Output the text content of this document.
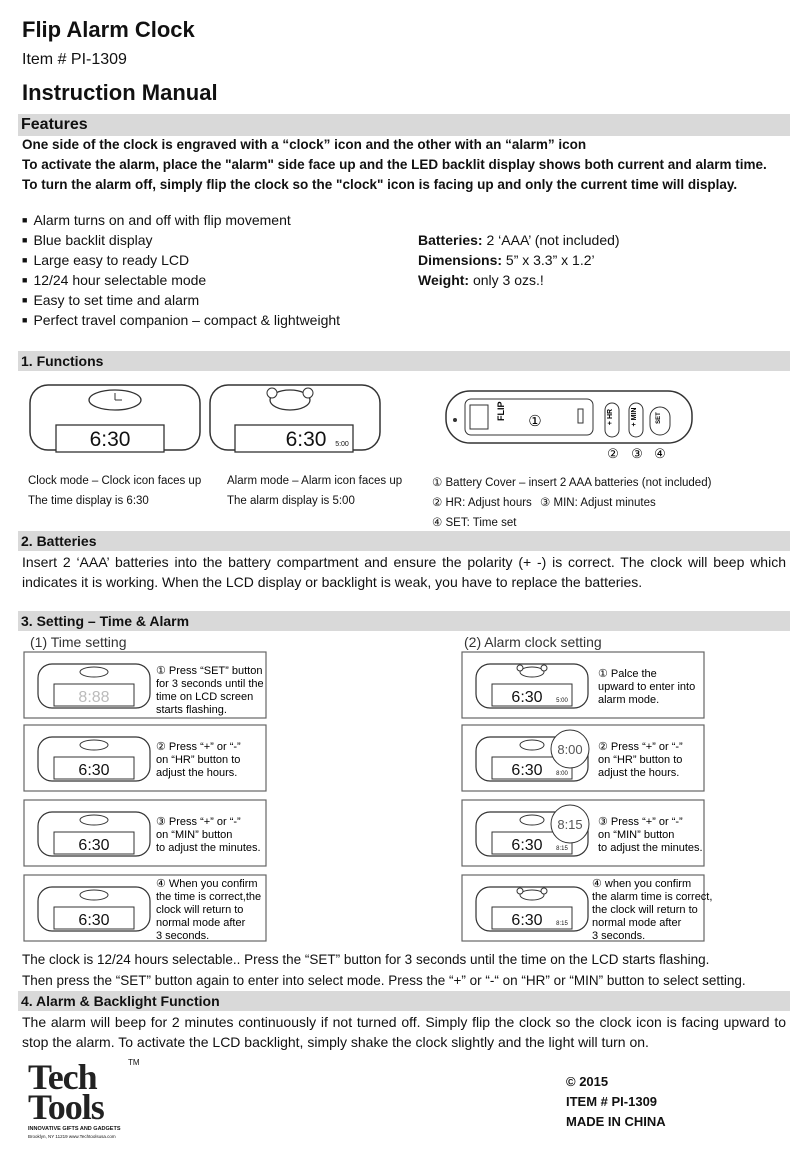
Flip Alarm Clock
Item # PI-1309
Instruction Manual
Features
One side of the clock is engraved with a “clock” icon and the other with an “alarm” icon
To activate the alarm, place the "alarm" side face up and the LED backlit display shows both current and alarm time.
To turn the alarm off, simply flip the clock so the "clock" icon is facing up and only the current time will display.
■ Alarm turns on and off with flip movement
■ Blue backlit display
■ Large easy to ready LCD
■ 12/24 hour selectable mode
■ Easy to set time and alarm
■ Perfect travel companion – compact & lightweight
Batteries: 2 ‘AAA’ (not included)
Dimensions: 5” x 3.3” x 1.2’
Weight: only 3 ozs.!
1. Functions
6:30	6:30 5:00
FLIP
①	+ HR + MIN	SET
② ③ ④
Clock mode – Clock icon faces up
The time display is 6:30
Alarm mode – Alarm icon faces up
The alarm display is 5:00
① Battery Cover – insert 2 AAA batteries (not included)
② HR: Adjust hours ③ MIN: Adjust minutes
④ SET: Time set
2. Batteries
Insert 2 ‘AAA’ batteries into the battery compartment and ensure the polarity (+ -) is correct. The clock will beep which indicates it is working. When the LCD display or backlight is weak, you have to replace the batteries.
3. Setting – Time & Alarm
(1) Time setting	(2) Alarm clock setting
8:88
① Press “SET” button
for 3 seconds until the
time on LCD screen
starts flashing.
6:30
② Press “+” or “-”
on “HR” button to
adjust the hours.
6:30
③ Press “+” or “-”
on “MIN” button
to adjust the minutes.
6:30
④ When you confirm
the time is correct,the
clock will return to
normal mode after
3 seconds.
6:30 5:00
① Palce the
upward to enter into
alarm mode.
6:30 8:00
8:00 ② Press “+” or “-”
on “HR” button to
adjust the hours.
6:30 8:15
8:15 ③ Press “+” or “-”
on “MIN” button
to adjust the minutes.
6:30 8:15
④ when you confirm
the alarm time is correct,
the clock will return to
normal mode after
3 seconds.
The clock is 12/24 hours selectable.. Press the “SET” button for 3 seconds until the time on the LCD starts flashing.
Then press the “SET” button again to enter into select mode. Press the “+” or “-“ on “HR” or “MIN” button to select setting.
4. Alarm & Backlight Function
The alarm will beep for 2 minutes continuously if not turned off. Simply flip the clock so the clock icon is facing upward to stop the alarm. To activate the LCD backlight, simply shake the clock slightly and the light will turn on.
TM
Tech
Tools
INNOVATIVE GIFTS AND GADGETS
Brooklyn, NY 11219 www.Techtoolsusa.com
© 2015
ITEM # PI-1309
MADE IN CHINA
